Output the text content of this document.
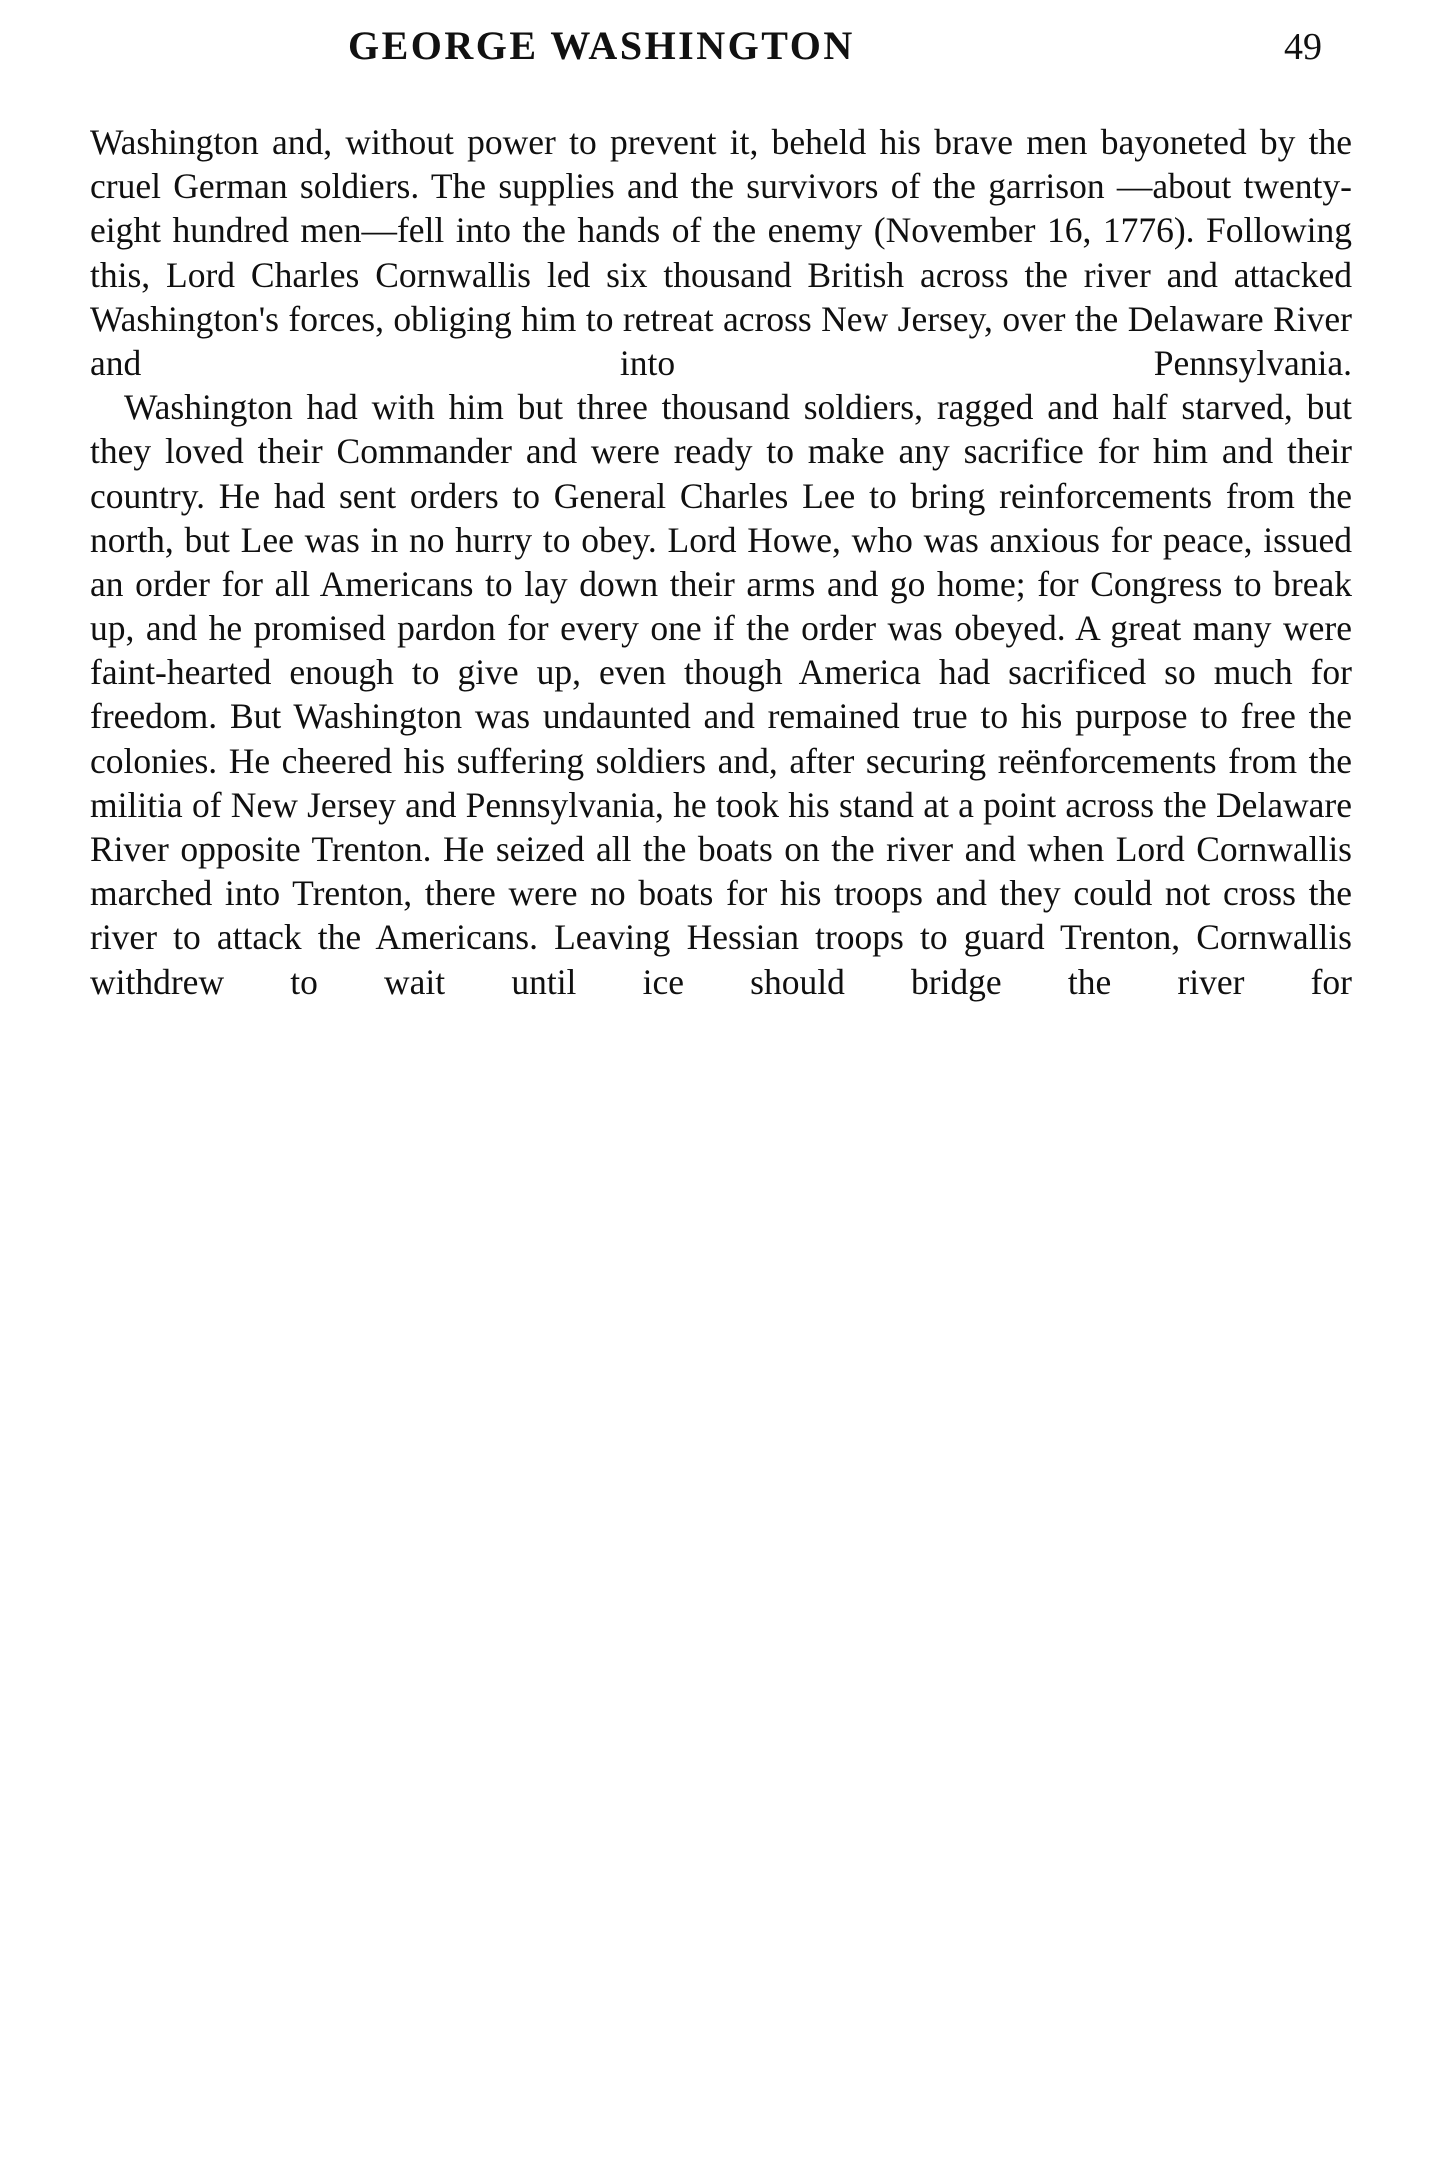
GEORGE WASHINGTON	49

Washington and, without power to prevent it, beheld his brave men bayoneted by the cruel German soldiers. The supplies and the survivors of the garrison —about twenty-eight hundred men—fell into the hands of the enemy (November 16, 1776). Following this, Lord Charles Cornwallis led six thousand British across the river and attacked Washington's forces, obliging him to retreat across New Jersey, over the Delaware River and into Pennsylvania.

Washington had with him but three thousand soldiers, ragged and half starved, but they loved their Commander and were ready to make any sacrifice for him and their country. He had sent orders to General Charles Lee to bring reinforcements from the north, but Lee was in no hurry to obey. Lord Howe, who was anxious for peace, issued an order for all Americans to lay down their arms and go home; for Congress to break up, and he promised pardon for every one if the order was obeyed. A great many were faint-hearted enough to give up, even though America had sacrificed so much for freedom. But Washington was undaunted and remained true to his purpose to free the colonies. He cheered his suffering soldiers and, after securing reënforcements from the militia of New Jersey and Pennsylvania, he took his stand at a point across the Delaware River opposite Trenton. He seized all the boats on the river and when Lord Cornwallis marched into Trenton, there were no boats for his troops and they could not cross the river to attack the Americans. Leaving Hessian troops to guard Trenton, Cornwallis withdrew to wait until ice should bridge the river for
